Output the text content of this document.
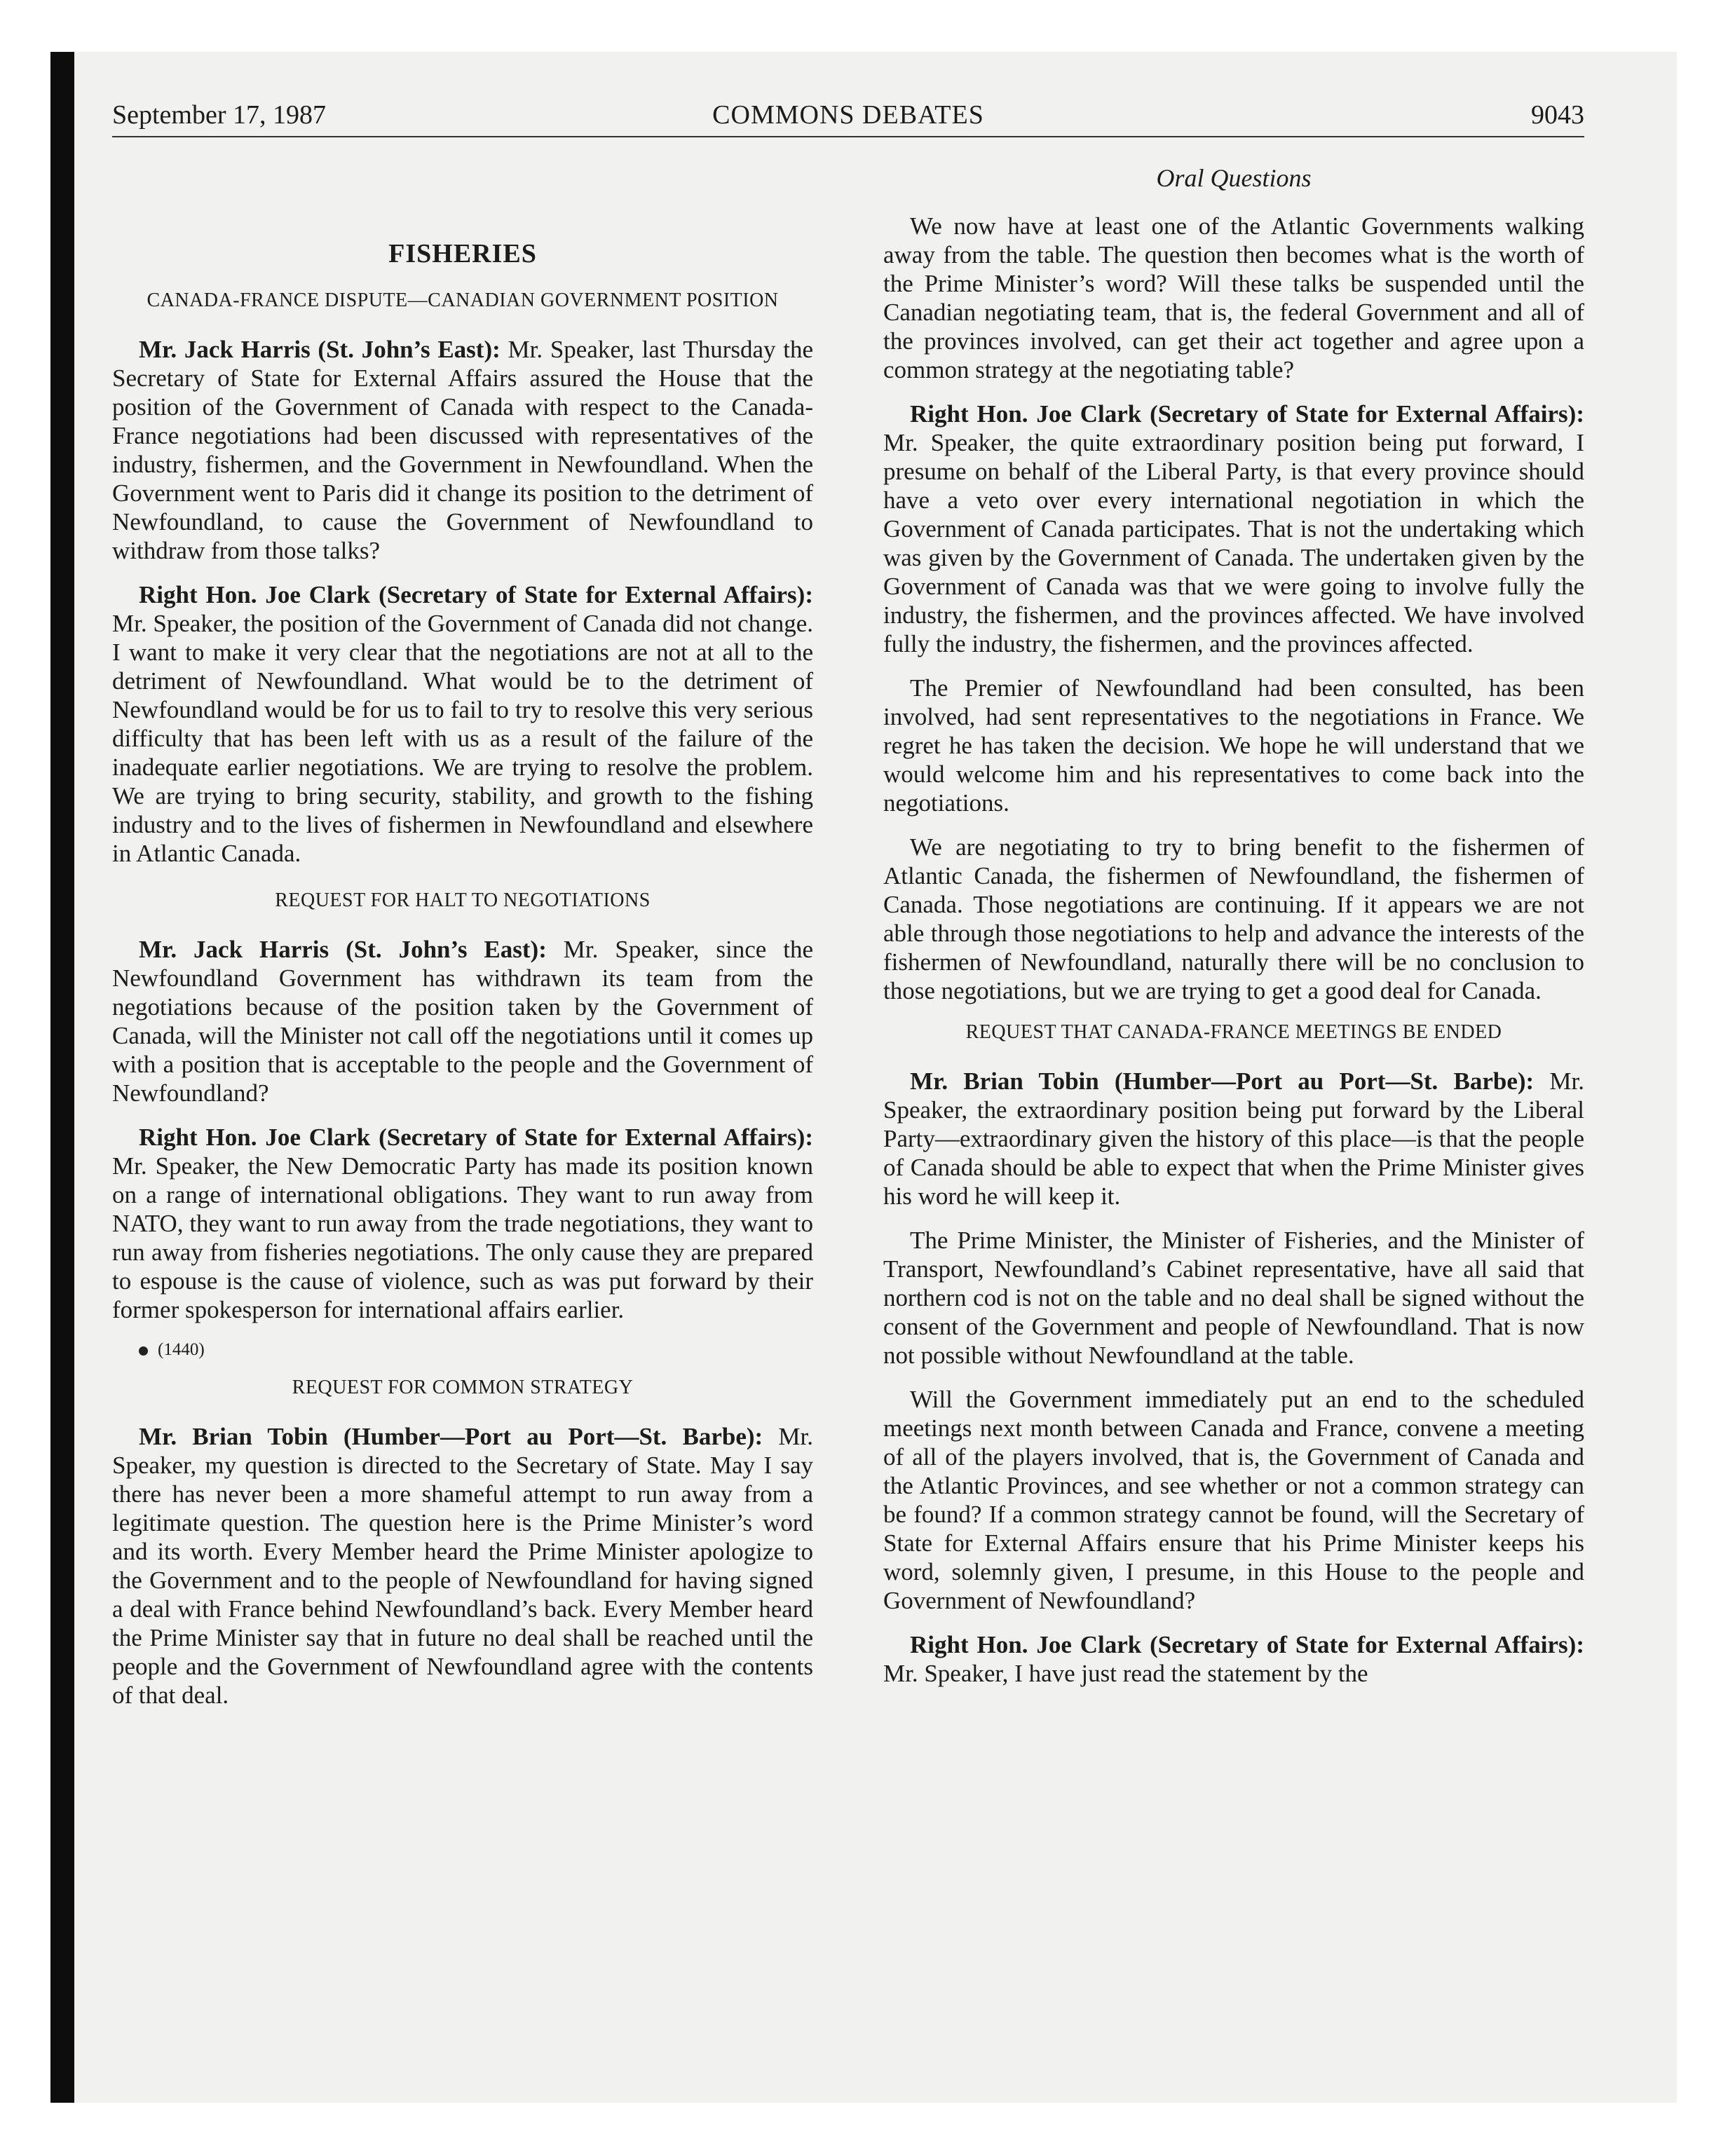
September 17, 1987	COMMONS DEBATES	9043
FISHERIES
CANADA-FRANCE DISPUTE—CANADIAN GOVERNMENT POSITION

Mr. Jack Harris (St. John’s East): Mr. Speaker, last Thursday the Secretary of State for External Affairs assured the House that the position of the Government of Canada with respect to the Canada-France negotiations had been discussed with representatives of the industry, fishermen, and the Government in Newfoundland. When the Government went to Paris did it change its position to the detriment of Newfoundland, to cause the Government of Newfoundland to withdraw from those talks?

Right Hon. Joe Clark (Secretary of State for External Affairs): Mr. Speaker, the position of the Government of Canada did not change. I want to make it very clear that the negotiations are not at all to the detriment of Newfoundland. What would be to the detriment of Newfoundland would be for us to fail to try to resolve this very serious difficulty that has been left with us as a result of the failure of the inadequate earlier negotiations. We are trying to resolve the problem. We are trying to bring security, stability, and growth to the fishing industry and to the lives of fishermen in Newfoundland and elsewhere in Atlantic Canada.

REQUEST FOR HALT TO NEGOTIATIONS

Mr. Jack Harris (St. John’s East): Mr. Speaker, since the Newfoundland Government has withdrawn its team from the negotiations because of the position taken by the Government of Canada, will the Minister not call off the negotiations until it comes up with a position that is acceptable to the people and the Government of Newfoundland?

Right Hon. Joe Clark (Secretary of State for External Affairs): Mr. Speaker, the New Democratic Party has made its position known on a range of international obligations. They want to run away from NATO, they want to run away from the trade negotiations, they want to run away from fisheries negotiations. The only cause they are prepared to espouse is the cause of violence, such as was put forward by their former spokesperson for international affairs earlier.

(1440)

REQUEST FOR COMMON STRATEGY

Mr. Brian Tobin (Humber—Port au Port—St. Barbe): Mr. Speaker, my question is directed to the Secretary of State. May I say there has never been a more shameful attempt to run away from a legitimate question. The question here is the Prime Minister’s word and its worth. Every Member heard the Prime Minister apologize to the Government and to the people of Newfoundland for having signed a deal with France behind Newfoundland’s back. Every Member heard the Prime Minister say that in future no deal shall be reached until the people and the Government of Newfoundland agree with the contents of that deal.

Oral Questions

We now have at least one of the Atlantic Governments walking away from the table. The question then becomes what is the worth of the Prime Minister’s word? Will these talks be suspended until the Canadian negotiating team, that is, the federal Government and all of the provinces involved, can get their act together and agree upon a common strategy at the negotiating table?

Right Hon. Joe Clark (Secretary of State for External Affairs): Mr. Speaker, the quite extraordinary position being put forward, I presume on behalf of the Liberal Party, is that every province should have a veto over every international negotiation in which the Government of Canada participates. That is not the undertaking which was given by the Government of Canada. The undertaken given by the Government of Canada was that we were going to involve fully the industry, the fishermen, and the provinces affected. We have involved fully the industry, the fishermen, and the provinces affected.

The Premier of Newfoundland had been consulted, has been involved, had sent representatives to the negotiations in France. We regret he has taken the decision. We hope he will understand that we would welcome him and his representatives to come back into the negotiations.

We are negotiating to try to bring benefit to the fishermen of Atlantic Canada, the fishermen of Newfoundland, the fishermen of Canada. Those negotiations are continuing. If it appears we are not able through those negotiations to help and advance the interests of the fishermen of Newfoundland, naturally there will be no conclusion to those negotiations, but we are trying to get a good deal for Canada.

REQUEST THAT CANADA-FRANCE MEETINGS BE ENDED

Mr. Brian Tobin (Humber—Port au Port—St. Barbe): Mr. Speaker, the extraordinary position being put forward by the Liberal Party—extraordinary given the history of this place—is that the people of Canada should be able to expect that when the Prime Minister gives his word he will keep it.

The Prime Minister, the Minister of Fisheries, and the Minister of Transport, Newfoundland’s Cabinet representative, have all said that northern cod is not on the table and no deal shall be signed without the consent of the Government and people of Newfoundland. That is now not possible without Newfoundland at the table.

Will the Government immediately put an end to the scheduled meetings next month between Canada and France, convene a meeting of all of the players involved, that is, the Government of Canada and the Atlantic Provinces, and see whether or not a common strategy can be found? If a common strategy cannot be found, will the Secretary of State for External Affairs ensure that his Prime Minister keeps his word, solemnly given, I presume, in this House to the people and Government of Newfoundland?

Right Hon. Joe Clark (Secretary of State for External Affairs): Mr. Speaker, I have just read the statement by the
